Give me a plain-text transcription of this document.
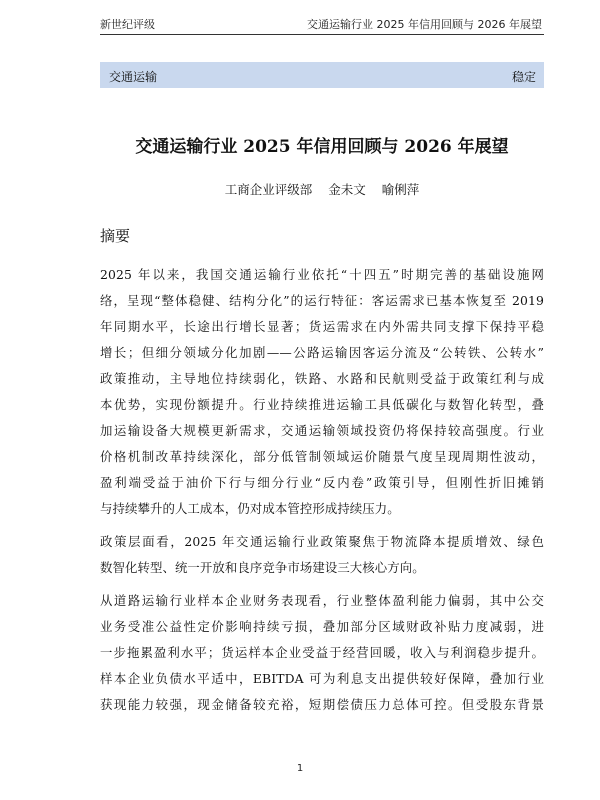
新世纪评级	交通运输行业 2025 年信用回顾与 2026 年展望
交通运输	稳定
交通运输行业 2025 年信用回顾与 2026 年展望
工商企业评级部 金未文 喻俐萍
摘要
2025 年以来，我国交通运输行业依托“十四五”时期完善的基础设施网
络，呈现“整体稳健、结构分化”的运行特征：客运需求已基本恢复至 2019
年同期水平，长途出行增长显著；货运需求在内外需共同支撑下保持平稳
增长；但细分领域分化加剧——公路运输因客运分流及“公转铁、公转水”
政策推动，主导地位持续弱化，铁路、水路和民航则受益于政策红利与成
本优势，实现份额提升。行业持续推进运输工具低碳化与数智化转型，叠
加运输设备大规模更新需求，交通运输领域投资仍将保持较高强度。行业
价格机制改革持续深化，部分低管制领域运价随景气度呈现周期性波动，
盈利端受益于油价下行与细分行业“反内卷”政策引导，但刚性折旧摊销
与持续攀升的人工成本，仍对成本管控形成持续压力。
政策层面看，2025 年交通运输行业政策聚焦于物流降本提质增效、绿色
数智化转型、统一开放和良序竞争市场建设三大核心方向。
从道路运输行业样本企业财务表现看，行业整体盈利能力偏弱，其中公交
业务受准公益性定价影响持续亏损，叠加部分区域财政补贴力度减弱，进
一步拖累盈利水平；货运样本企业受益于经营回暖，收入与利润稳步提升。
样本企业负债水平适中，EBITDA 可为利息支出提供较好保障，叠加行业
获现能力较强，现金储备较充裕，短期偿债压力总体可控。但受股东背景
1
